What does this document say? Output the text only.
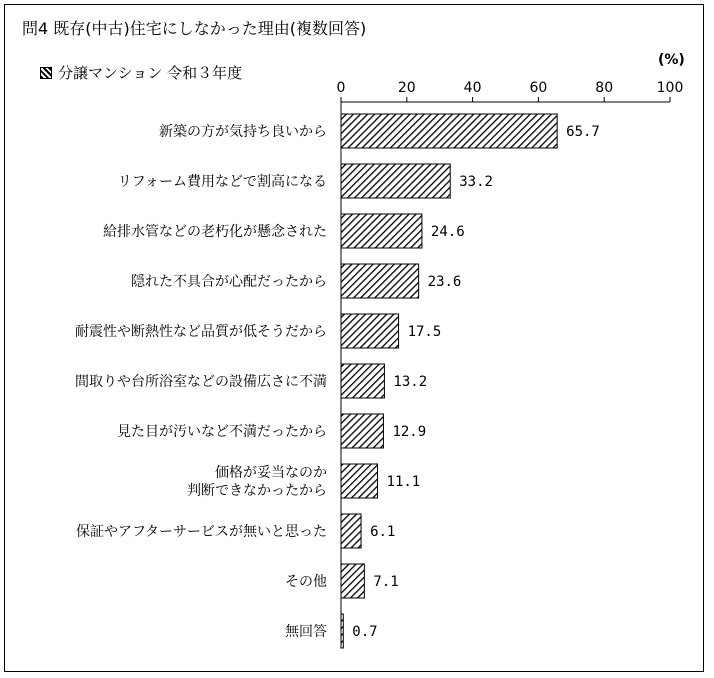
問4 既存(中古)住宅にしなかった理由(複数回答)
分譲マンション 令和３年度
(%)
0	20	40	60	80	100
新築の方が気持ち良いから	65.7
リフォーム費用などで割高になる	33.2
給排水管などの老朽化が懸念された	24.6
隠れた不具合が心配だったから	23.6
耐震性や断熱性など品質が低そうだから	17.5
間取りや台所浴室などの設備広さに不満	13.2
見た目が汚いなど不満だったから	12.9
価格が妥当なのか判断できなかったから
11.1
保証やアフターサービスが無いと思った	6.1
その他	7.1
無回答 0.7
